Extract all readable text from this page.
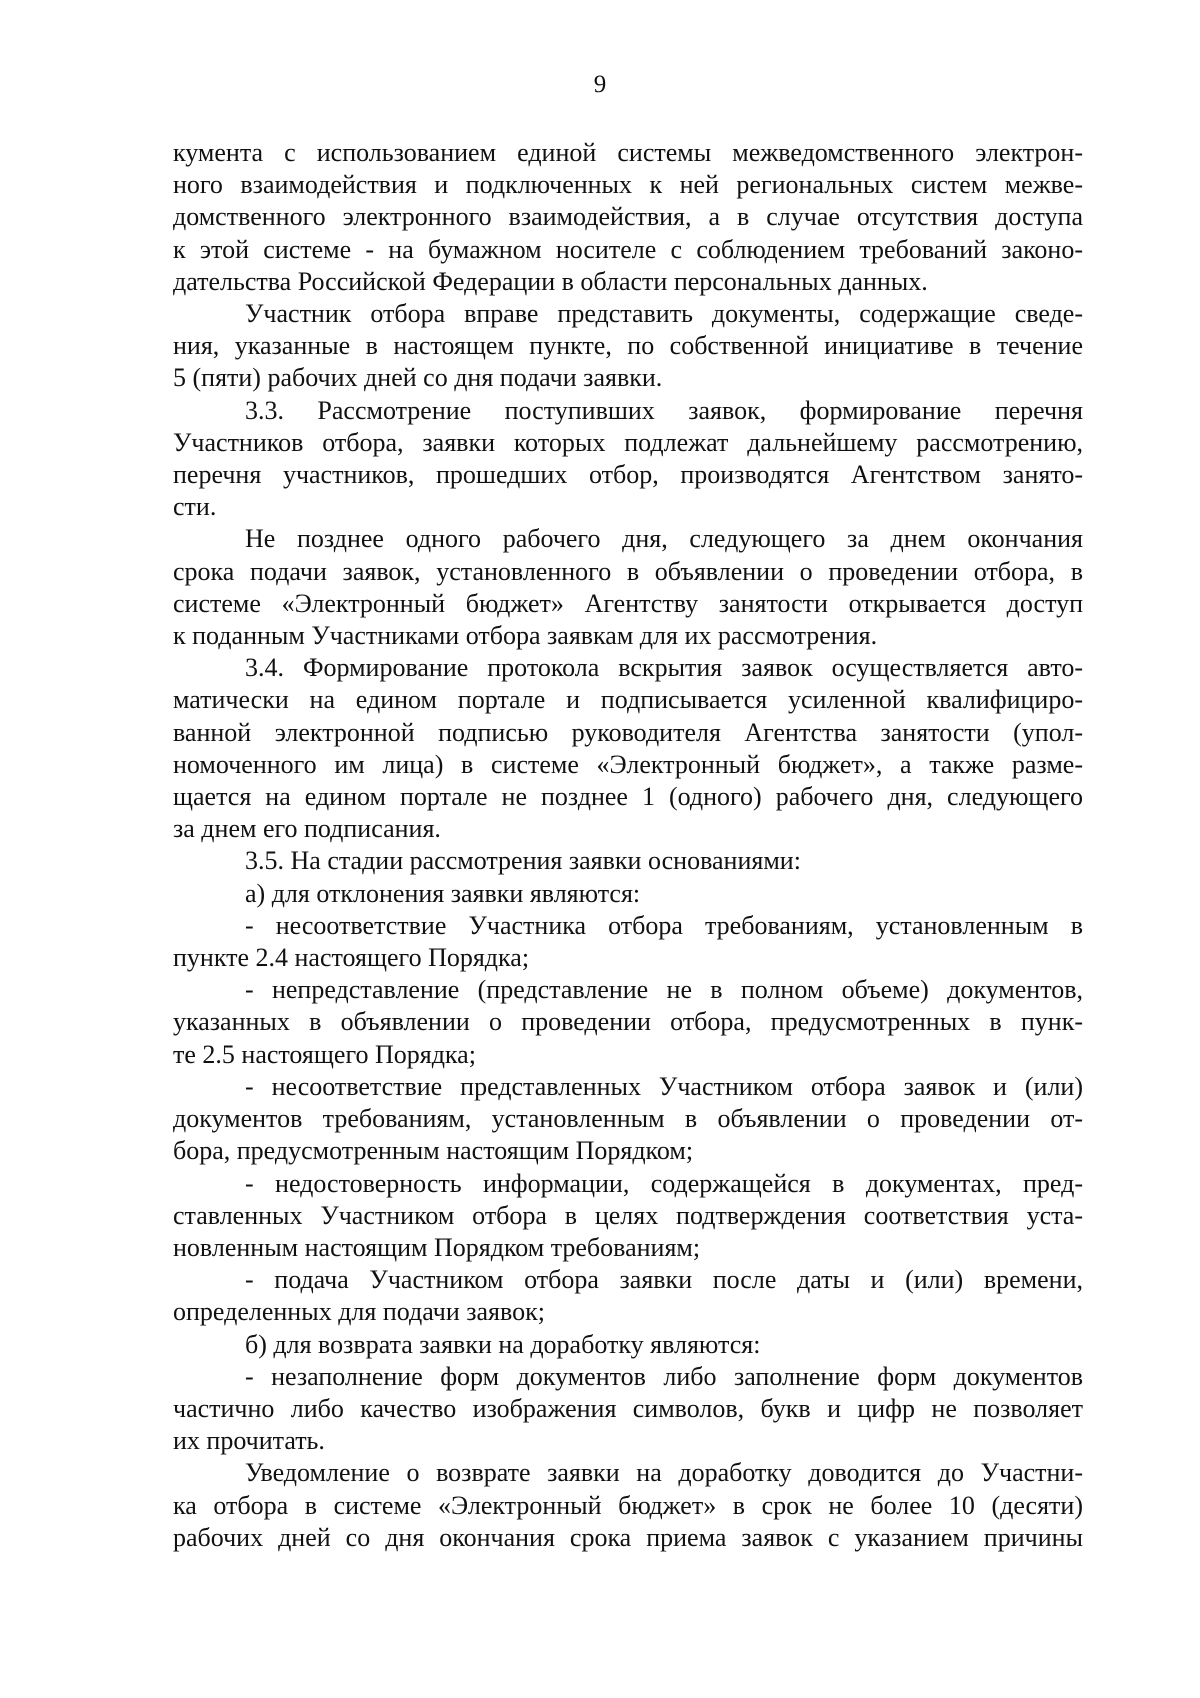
9
кумента с использованием единой системы межведомственного электрон-
ного взаимодействия и подключенных к ней региональных систем межве-
домственного электронного взаимодействия, а в случае отсутствия доступа
к этой системе - на бумажном носителе с соблюдением требований законо-
дательства Российской Федерации в области персональных данных.
Участник отбора вправе представить документы, содержащие сведе-
ния, указанные в настоящем пункте, по собственной инициативе в течение
5 (пяти) рабочих дней со дня подачи заявки.
3.3. Рассмотрение поступивших заявок, формирование перечня
Участников отбора, заявки которых подлежат дальнейшему рассмотрению,
перечня участников, прошедших отбор, производятся Агентством занято-
сти.
Не позднее одного рабочего дня, следующего за днем окончания
срока подачи заявок, установленного в объявлении о проведении отбора, в
системе «Электронный бюджет» Агентству занятости открывается доступ
к поданным Участниками отбора заявкам для их рассмотрения.
3.4. Формирование протокола вскрытия заявок осуществляется авто-
матически на едином портале и подписывается усиленной квалифициро-
ванной электронной подписью руководителя Агентства занятости (упол-
номоченного им лица) в системе «Электронный бюджет», а также разме-
щается на едином портале не позднее 1 (одного) рабочего дня, следующего
за днем его подписания.
3.5. На стадии рассмотрения заявки основаниями:
а) для отклонения заявки являются:
- несоответствие Участника отбора требованиям, установленным в
пункте 2.4 настоящего Порядка;
- непредставление (представление не в полном объеме) документов,
указанных в объявлении о проведении отбора, предусмотренных в пунк-
те 2.5 настоящего Порядка;
- несоответствие представленных Участником отбора заявок и (или)
документов требованиям, установленным в объявлении о проведении от-
бора, предусмотренным настоящим Порядком;
- недостоверность информации, содержащейся в документах, пред-
ставленных Участником отбора в целях подтверждения соответствия уста-
новленным настоящим Порядком требованиям;
- подача Участником отбора заявки после даты и (или) времени,
определенных для подачи заявок;
б) для возврата заявки на доработку являются:
- незаполнение форм документов либо заполнение форм документов
частично либо качество изображения символов, букв и цифр не позволяет
их прочитать.
Уведомление о возврате заявки на доработку доводится до Участни-
ка отбора в системе «Электронный бюджет» в срок не более 10 (десяти)
рабочих дней со дня окончания срока приема заявок с указанием причины
